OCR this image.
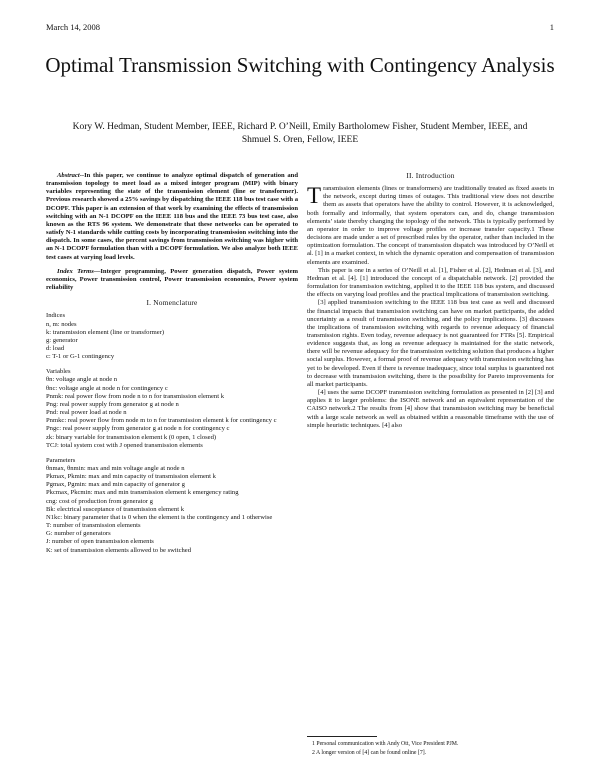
March 14, 2008	1
Optimal Transmission Switching with Contingency Analysis
Kory W. Hedman, Student Member, IEEE, Richard P. O’Neill, Emily Bartholomew Fisher, Student Member, IEEE, and Shmuel S. Oren, Fellow, IEEE

Abstract--In this paper, we continue to analyze optimal dispatch of generation and transmission topology to meet load as a mixed integer program (MIP) with binary variables representing the state of the transmission element (line or transformer). Previous research showed a 25% savings by dispatching the IEEE 118 bus test case with a DCOPF. This paper is an extension of that work by examining the effects of transmission switching with an N-1 DCOPF on the IEEE 118 bus and the IEEE 73 bus test case, also known as the RTS 96 system. We demonstrate that these networks can be operated to satisfy N-1 standards while cutting costs by incorporating transmission switching into the dispatch. In some cases, the percent savings from transmission switching was higher with an N-1 DCOPF formulation than with a DCOPF formulation. We also analyze both IEEE test cases at varying load levels.

Index Terms—Integer programming, Power generation dispatch, Power system economics, Power transmission control, Power transmission economics, Power system reliability

I. Nomenclature
Indices
n, m: nodes
k: transmission element (line or transformer)
g: generator
d: load
c: T-1 or G-1 contingency
Variables
θn: voltage angle at node n
θnc: voltage angle at node n for contingency c
Pnmk: real power flow from node n to n for transmission element k
Png: real power supply from generator g at node n
Pnd: real power load at node n
Pnmkc: real power flow from node m to n for transmission element k for contingency c
Pngc: real power supply from generator g at node n for contingency c
zk: binary variable for transmission element k (0 open, 1 closed)
TCJ: total system cost with J opened transmission elements
Parameters
θnmax, θnmin: max and min voltage angle at node n
Pkmax, Pkmin: max and min capacity of transmission element k
Pgmax, Pgmin: max and min capacity of generator g
Pkcmax, Pkcmin: max and min transmission element k emergency rating
cng: cost of production from generator g
Bk: electrical susceptance of transmission element k
N1kc: binary parameter that is 0 when the element is the contingency and 1 otherwise
T: number of transmission elements
G: number of generators
J: number of open transmission elements
K: set of transmission elements allowed to be switched
II. Introduction

Transmission elements (lines or transformers) are traditionally treated as fixed assets in the network, except during times of outages. This traditional view does not describe them as assets that operators have the ability to control. However, it is acknowledged, both formally and informally, that system operators can, and do, change transmission elements’ state thereby changing the topology of the network. This is typically performed by an operator in order to improve voltage profiles or increase transfer capacity.1 These decisions are made under a set of prescribed rules by the operator, rather than included in the optimization formulation. The concept of transmission dispatch was introduced by O’Neill et al. [1] in a market context, in which the dynamic operation and compensation of transmission elements are examined.

This paper is one in a series of O’Neill et al. [1], Fisher et al. [2], Hedman et al. [3], and Hedman et al. [4]. [1] introduced the concept of a dispatchable network. [2] provided the formulation for transmission switching, applied it to the IEEE 118 bus system, and discussed the effects on varying load profiles and the practical implications of transmission switching.

[3] applied transmission switching to the IEEE 118 bus test case as well and discussed the financial impacts that transmission switching can have on market participants, the added uncertainty as a result of transmission switching, and the policy implications. [3] discusses the implications of transmission switching with regards to revenue adequacy of financial transmission rights. Even today, revenue adequacy is not guaranteed for FTRs [5]. Empirical evidence suggests that, as long as revenue adequacy is maintained for the static network, there will be revenue adequacy for the transmission switching solution that produces a higher social surplus. However, a formal proof of revenue adequacy with transmission switching has yet to be developed. Even if there is revenue inadequacy, since total surplus is guaranteed not to decrease with transmission switching, there is the possibility for Pareto improvements for all market participants.

[4] uses the same DCOPF transmission switching formulation as presented in [2] [3] and applies it to larger problems: the ISONE network and an equivalent representation of the CAISO network.2 The results from [4] show that transmission switching may be beneficial with a large scale network as well as obtained within a reasonable timeframe with the use of simple heuristic techniques. [4] also

1 Personal communication with Andy Ott, Vice President PJM.
2 A longer version of [4] can be found online [7].
